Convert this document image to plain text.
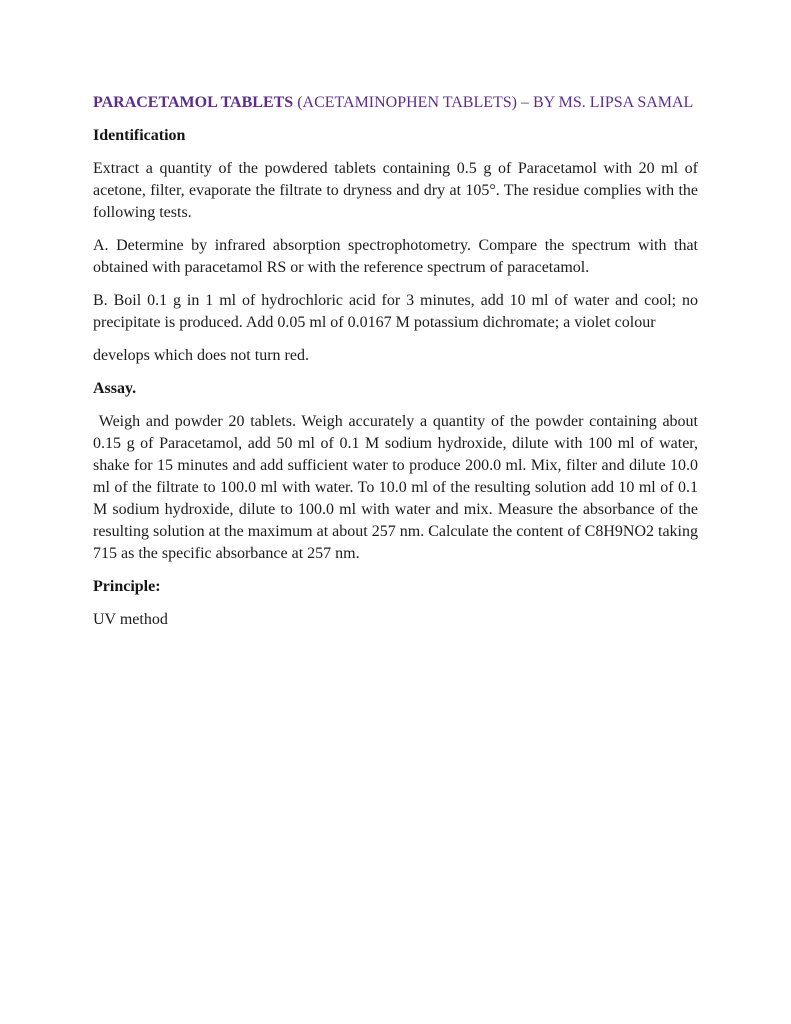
PARACETAMOL TABLETS (ACETAMINOPHEN TABLETS) – BY MS. LIPSA SAMAL
Identification

Extract a quantity of the powdered tablets containing 0.5 g of Paracetamol with 20 ml of acetone, filter, evaporate the filtrate to dryness and dry at 105°. The residue complies with the following tests.

A. Determine by infrared absorption spectrophotometry. Compare the spectrum with that obtained with paracetamol RS or with the reference spectrum of paracetamol.

B. Boil 0.1 g in 1 ml of hydrochloric acid for 3 minutes, add 10 ml of water and cool; no precipitate is produced. Add 0.05 ml of 0.0167 M potassium dichromate; a violet colour

develops which does not turn red.

Assay.

Weigh and powder 20 tablets. Weigh accurately a quantity of the powder containing about 0.15 g of Paracetamol, add 50 ml of 0.1 M sodium hydroxide, dilute with 100 ml of water, shake for 15 minutes and add sufficient water to produce 200.0 ml. Mix, filter and dilute 10.0 ml of the filtrate to 100.0 ml with water. To 10.0 ml of the resulting solution add 10 ml of 0.1 M sodium hydroxide, dilute to 100.0 ml with water and mix. Measure the absorbance of the resulting solution at the maximum at about 257 nm. Calculate the content of C8H9NO2 taking 715 as the specific absorbance at 257 nm.

Principle:

UV method
